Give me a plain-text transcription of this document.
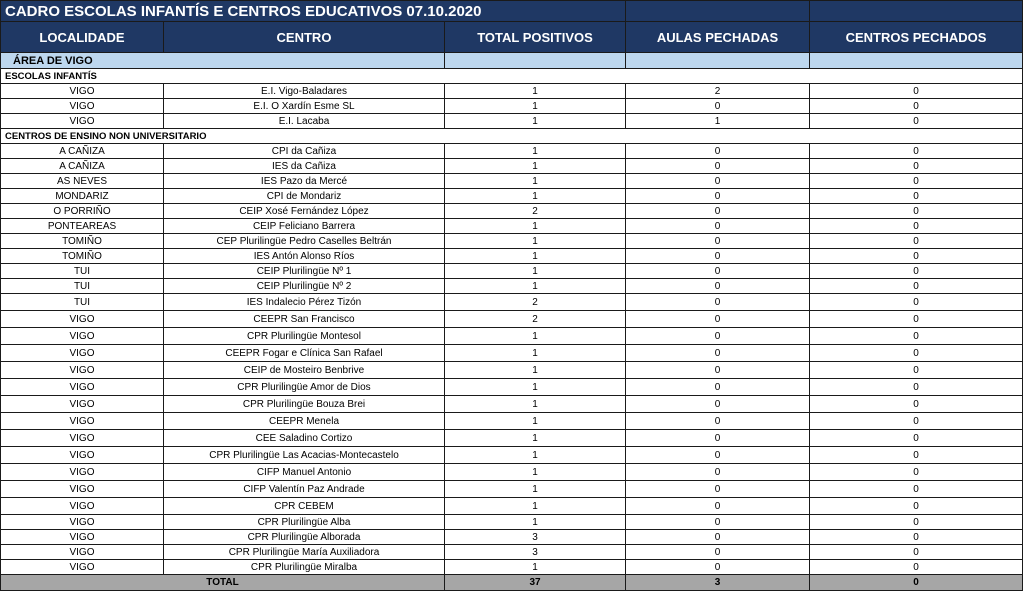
CADRO ESCOLAS INFANTÍS E CENTROS EDUCATIVOS 07.10.2020				
LOCALIDADE	CENTRO	TOTAL POSITIVOS	AULAS PECHADAS	CENTROS PECHADOS
ÁREA DE VIGO				
ESCOLAS INFANTÍS				
VIGO	E.I. Vigo-Baladares	1	2	0
VIGO	E.I. O Xardín Esme SL	1	0	0
VIGO	E.I. Lacaba	1	1	0
CENTROS DE ENSINO NON UNIVERSITARIO				
A CAÑIZA	CPI da Cañiza	1	0	0
A CAÑIZA	IES da Cañiza	1	0	0
AS NEVES	IES Pazo da Mercé	1	0	0
MONDARIZ	CPI de Mondariz	1	0	0
O PORRIÑO	CEIP Xosé Fernández López	2	0	0
PONTEAREAS	CEIP Feliciano Barrera	1	0	0
TOMIÑO	CEP Plurilingüe Pedro Caselles Beltrán	1	0	0
TOMIÑO	IES Antón Alonso Ríos	1	0	0
TUI	CEIP Plurilingüe Nº 1	1	0	0
TUI	CEIP Plurilingüe Nº 2	1	0	0
TUI	IES Indalecio Pérez Tizón	2	0	0
VIGO	CEEPR San Francisco	2	0	0
VIGO	CPR Plurilingüe Montesol	1	0	0
VIGO	CEEPR Fogar e Clínica San Rafael	1	0	0
VIGO	CEIP de Mosteiro Benbrive	1	0	0
VIGO	CPR Plurilingüe Amor de Dios	1	0	0
VIGO	CPR Plurilingüe Bouza Brei	1	0	0
VIGO	CEEPR Menela	1	0	0
VIGO	CEE Saladino Cortizo	1	0	0
VIGO	CPR Plurilingüe Las Acacias-Montecastelo	1	0	0
VIGO	CIFP Manuel Antonio	1	0	0
VIGO	CIFP Valentín Paz Andrade	1	0	0
VIGO	CPR CEBEM	1	0	0
VIGO	CPR Plurilingüe Alba	1	0	0
VIGO	CPR Plurilingüe Alborada	3	0	0
VIGO	CPR Plurilingüe María Auxiliadora	3	0	0
VIGO	CPR Plurilingüe Miralba	1	0	0
TOTAL		37	3	0
